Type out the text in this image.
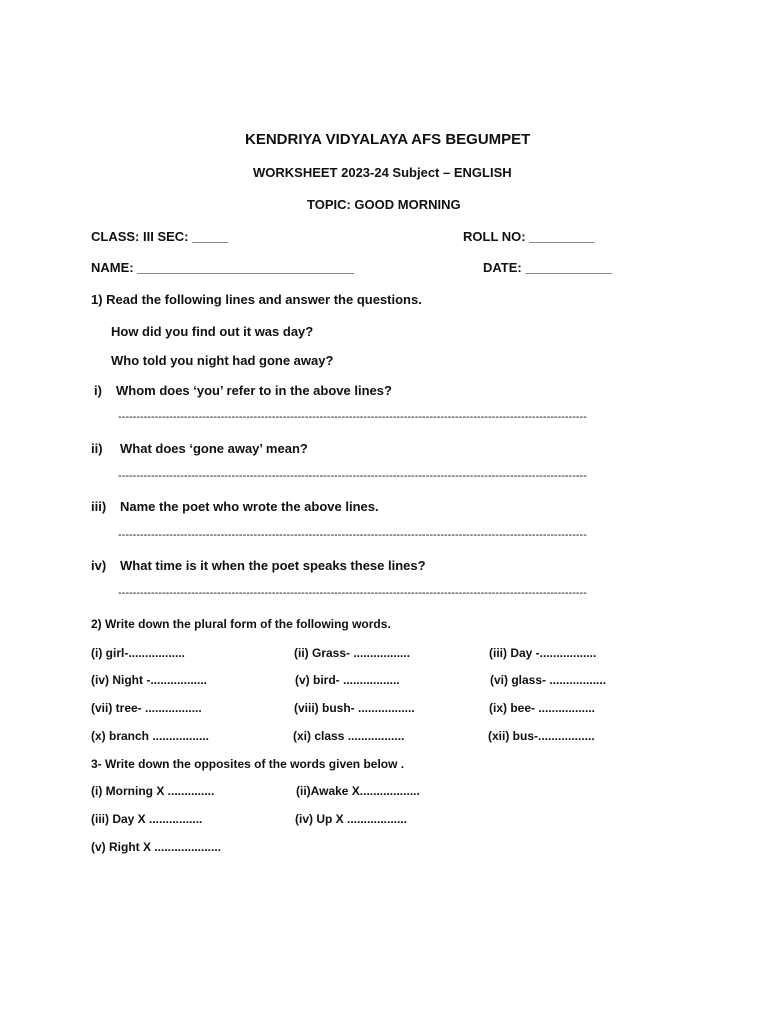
KENDRIYA VIDYALAYA AFS BEGUMPET
WORKSHEET 2023-24 Subject – ENGLISH
TOPIC: GOOD MORNING
CLASS: III SEC: _____	ROLL NO: _________
NAME: ______________________________	DATE: ____________
1) Read the following lines and answer the questions.
How did you find out it was day?
Who told you night had gone away?
i) Whom does ‘you’ refer to in the above lines?
--------------------------------------------------------------------------------------------------------------------------------
ii) What does ‘gone away’ mean?
--------------------------------------------------------------------------------------------------------------------------------
iii) Name the poet who wrote the above lines.
--------------------------------------------------------------------------------------------------------------------------------
iv) What time is it when the poet speaks these lines?
--------------------------------------------------------------------------------------------------------------------------------
2) Write down the plural form of the following words.
(i) girl-.................	(ii) Grass- .................	(iii) Day -.................
(iv) Night -.................	(v) bird- .................	(vi) glass- .................
(vii) tree- .................	(viii) bush- .................	(ix) bee- .................
(x) branch .................	(xi) class .................	(xii) bus-.................
3- Write down the opposites of the words given below .
(i) Morning X ..............	(ii)Awake X..................
(iii) Day X ................	(iv) Up X ..................
(v) Right X ....................
